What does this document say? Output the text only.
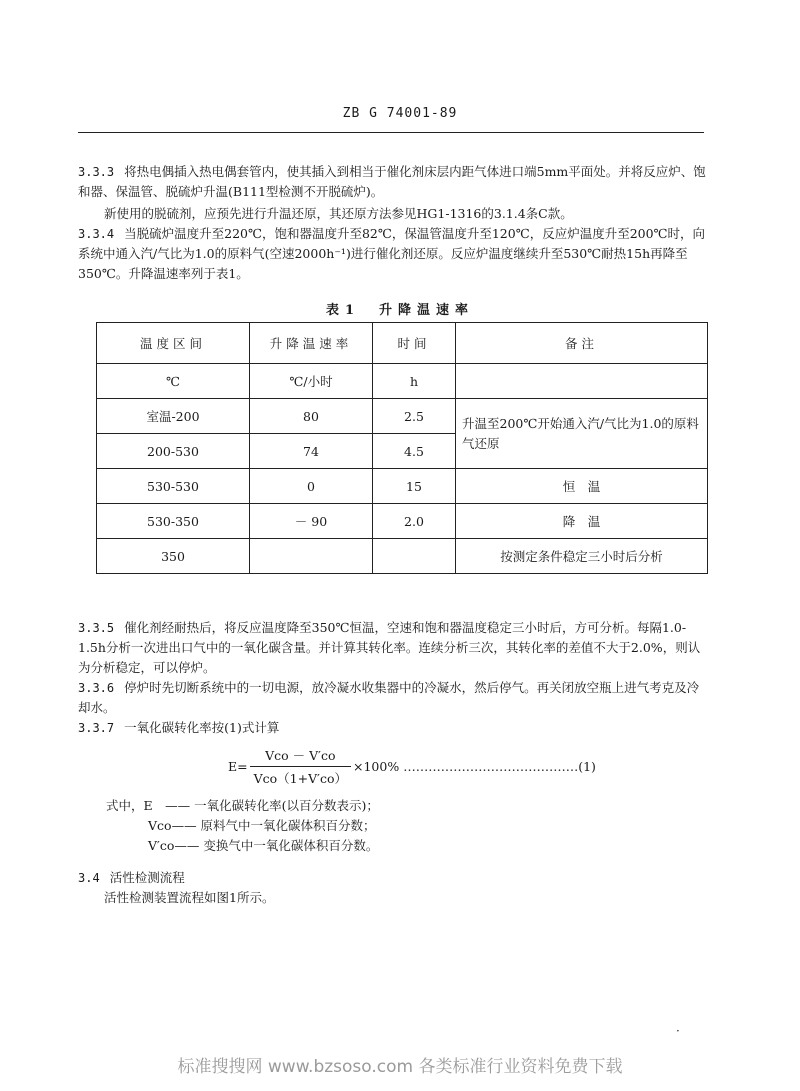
ZB G 74001-89

3.3.3 将热电偶插入热电偶套管内，使其插入到相当于催化剂床层内距气体进口端5mm平面处。并将反应炉、饱和器、保温管、脱硫炉升温(B111型检测不开脱硫炉)。

新使用的脱硫剂，应预先进行升温还原，其还原方法参见HG1-1316的3.1.4条C款。

3.3.4 当脱硫炉温度升至220℃，饱和器温度升至82℃，保温管温度升至120℃，反应炉温度升至200℃时，向系统中通入汽/气比为1.0的原料气(空速2000h⁻¹)进行催化剂还原。反应炉温度继续升至530℃耐热15h再降至350℃。升降温速率列于表1。

表1　升降温速率
温度区间	升降温速率	时间	备注
℃	℃/小时	h	
室温-200	80	2.5	升温至200℃开始通入汽/气比为1.0的原料气还原
200-530	74	4.5	
530-530	0	15	恒　温
530-350	－ 90	2.0	降　温
350			按测定条件稳定三小时后分析

3.3.5 催化剂经耐热后，将反应温度降至350℃恒温，空速和饱和器温度稳定三小时后，方可分析。每隔1.0-1.5h分析一次进出口气中的一氧化碳含量。并计算其转化率。连续分析三次，其转化率的差值不大于2.0%，则认为分析稳定，可以停炉。

3.3.6 停炉时先切断系统中的一切电源，放冷凝水收集器中的冷凝水，然后停气。再关闭放空瓶上进气考克及冷却水。

3.3.7 一氧化碳转化率按(1)式计算

$E= \frac{\text{Vco － V′co}}{\text{Vco（1+V′co）}} \times 100\%$ ……………………………………(1)
式中，E　 —— 一氧化碳转化率(以百分数表示)；
Vco—— 原料气中一氧化碳体积百分数；
V′co—— 变换气中一氧化碳体积百分数。

3.4 活性检测流程

活性检测装置流程如图1所示。

·
标准搜搜网 www.bzsoso.com 各类标准行业资料免费下载
